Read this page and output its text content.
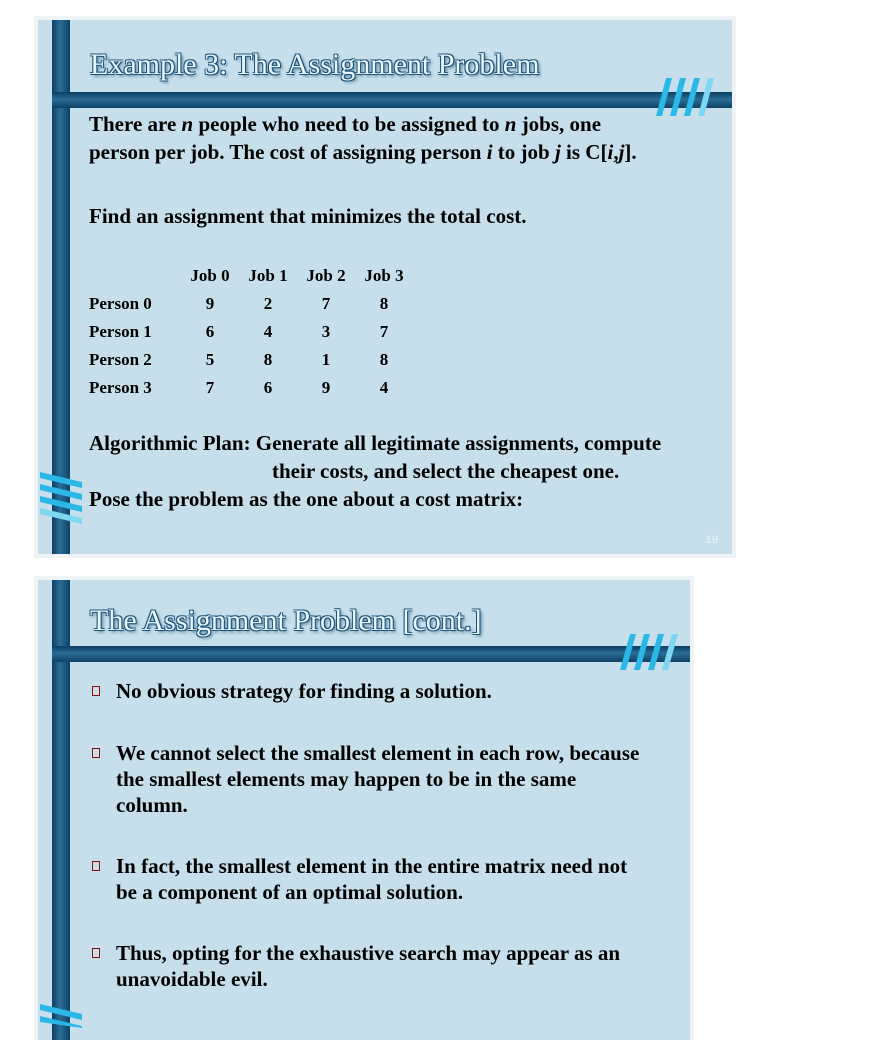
Example 3: The Assignment Problem

There are n people who need to be assigned to n jobs, one

person per job. The cost of assigning person i to job j is C[i,j].

Find an assignment that minimizes the total cost.

	Job 0	Job 1	Job 2	Job 3
Person 0	9	2	7	8
Person 1	6	4	3	7
Person 2	5	8	1	8
Person 3	7	6	9	4

Algorithmic Plan: Generate all legitimate assignments, compute

their costs, and select the cheapest one.

Pose the problem as the one about a cost matrix:

19
The Assignment Problem [cont.]

No obvious strategy for finding a solution.

We cannot select the smallest element in each row, because the smallest elements may happen to be in the same column.

In fact, the smallest element in the entire matrix need not be a component of an optimal solution.

Thus, opting for the exhaustive search may appear as an unavoidable evil.
